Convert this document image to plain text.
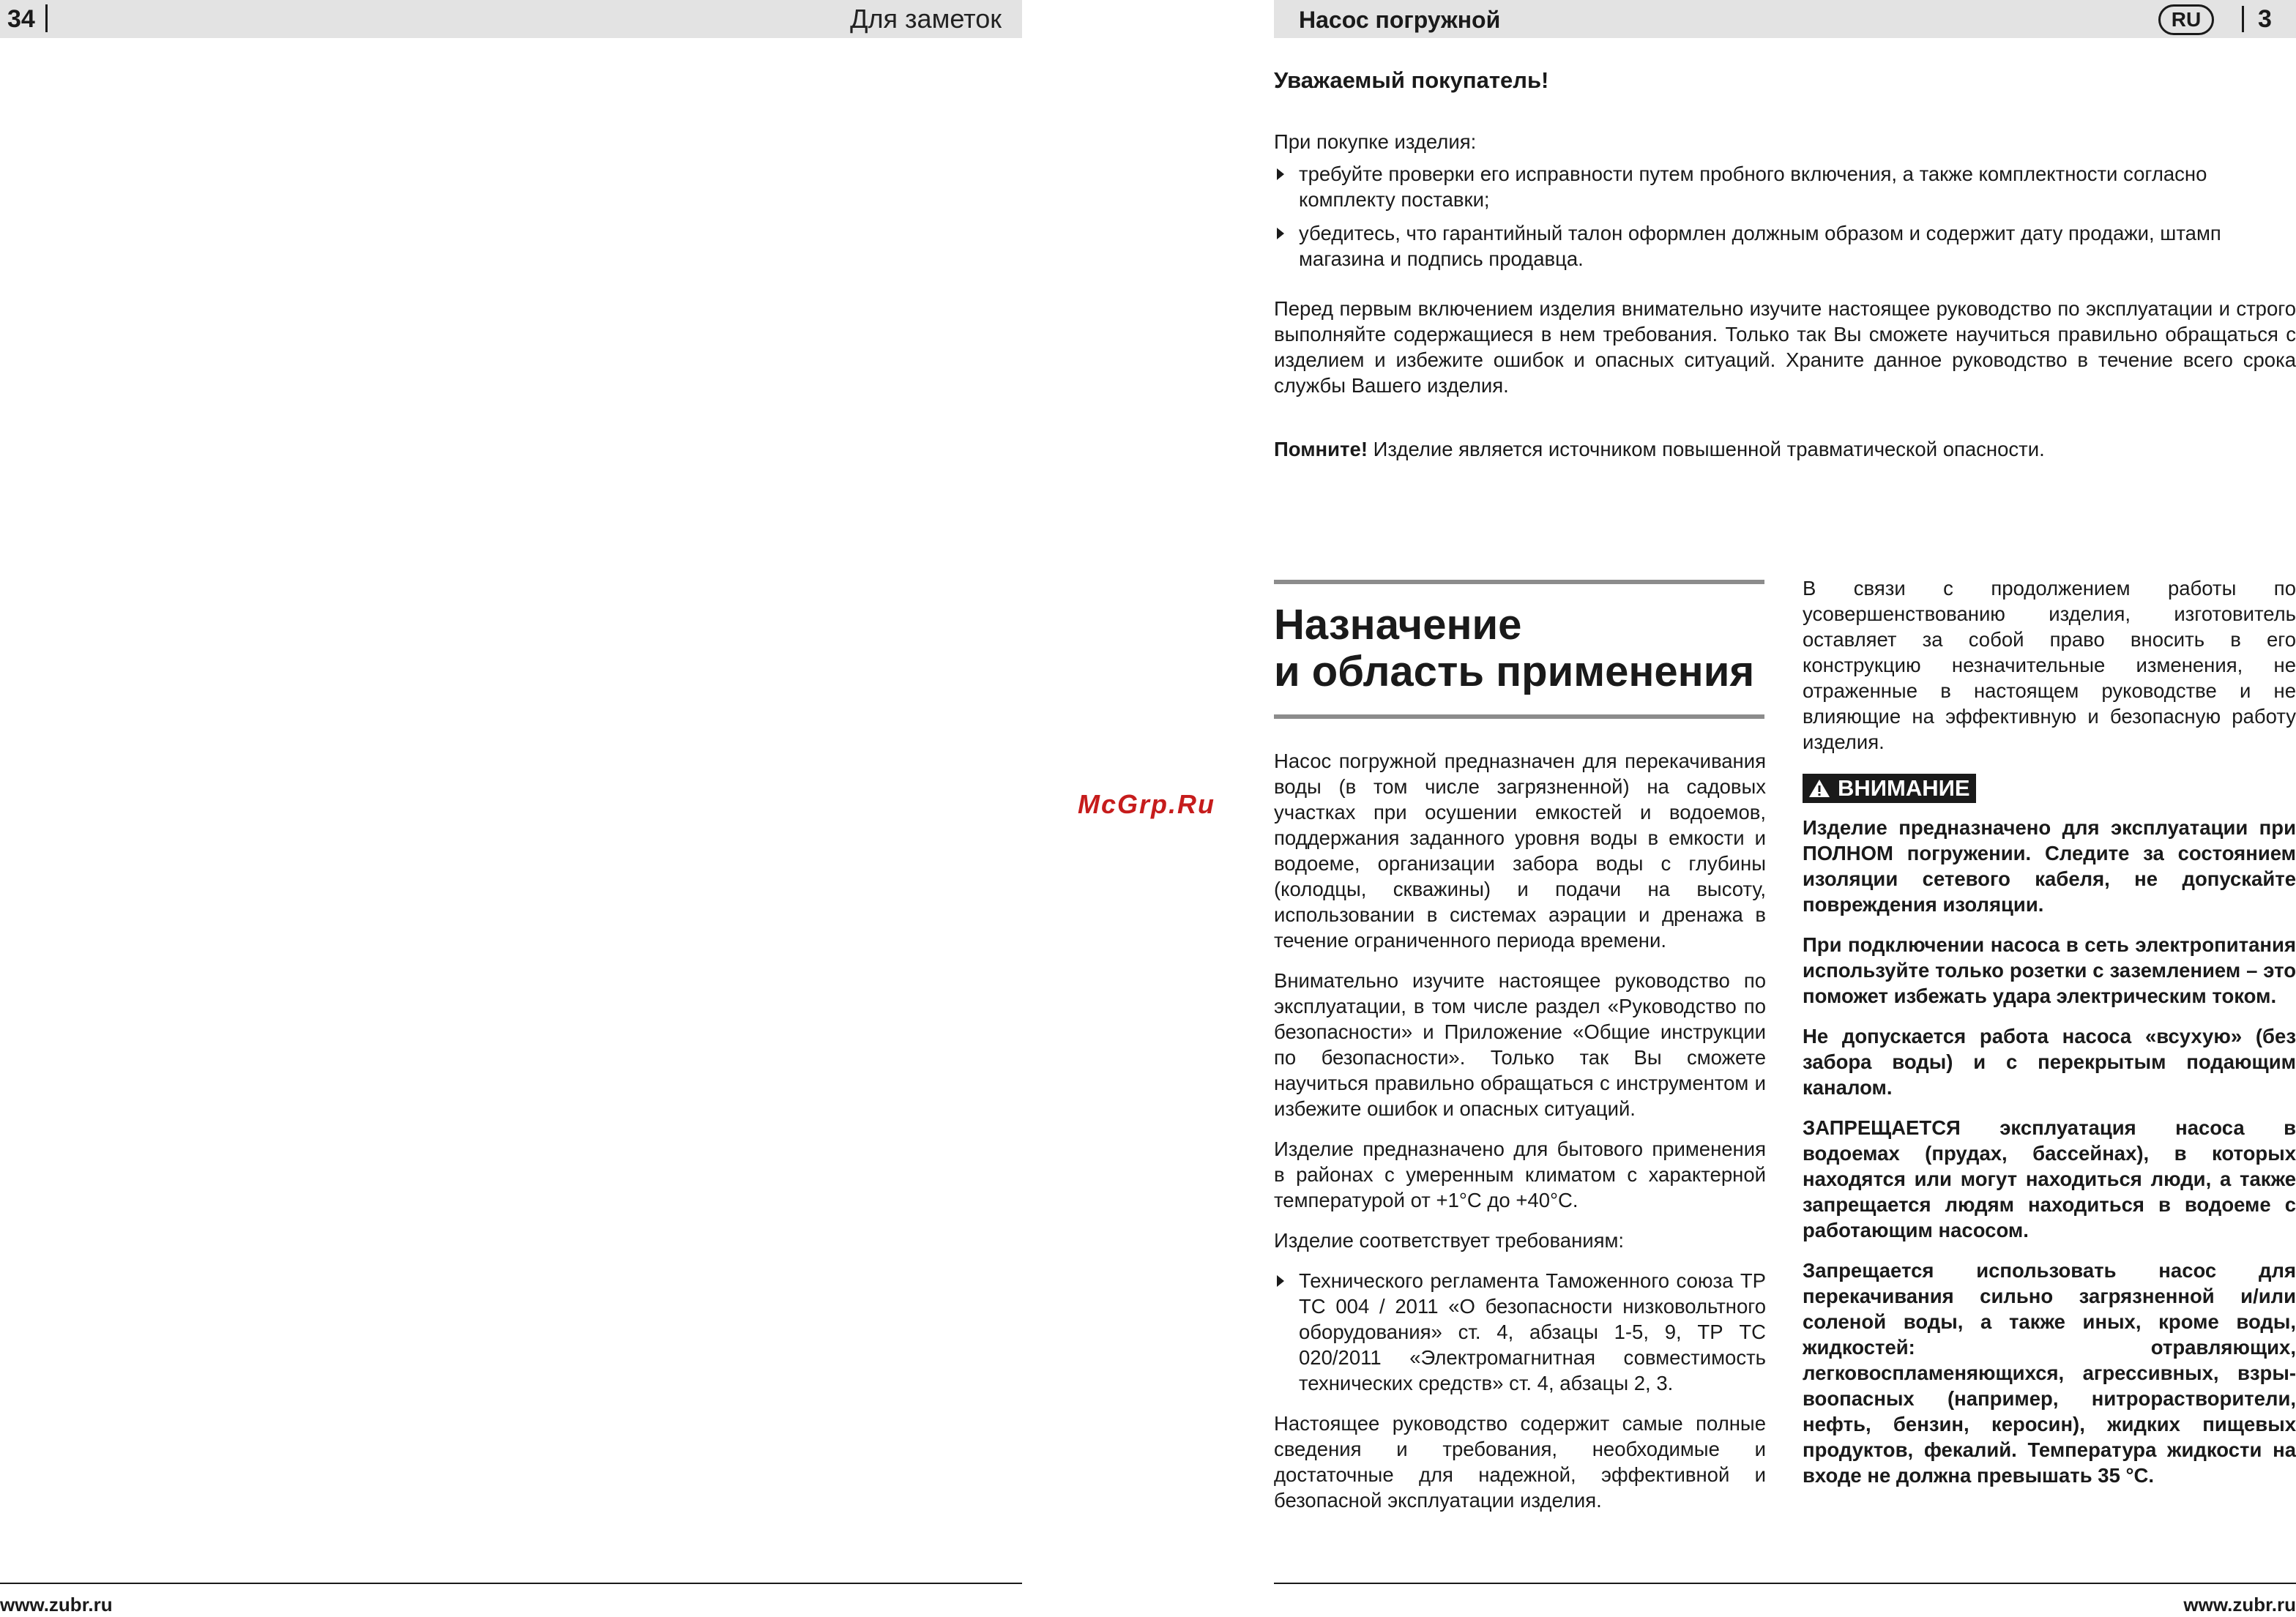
34	Для заметок
www.zubr.ru
McGrp.Ru
Насос погружной	RU	3
Уважаемый покупатель!

При покупке изделия:

требуйте проверки его исправности путем пробного включения, а также комплектности согласно комплекту поставки;
убедитесь, что гарантийный талон оформлен должным образом и содержит дату продажи, штамп магазина и подпись продавца.

Перед первым включением изделия внимательно изучите настоящее руководство по эксплуатации и строго выполняйте содержащиеся в нем требования. Только так Вы сможете научиться правильно обращаться с изделием и избежите ошибок и опасных ситуаций. Храните данное руководство в течение всего срока службы Вашего изделия.

Помните! Изделие является источником повышенной травматической опасности.

Назначение
и область применения

Насос погружной предназначен для перекачивания воды (в том числе загрязненной) на садовых участках при осушении емкостей и водоемов, поддержания заданного уровня воды в емкости и водоеме, организации забора воды с глубины (колодцы, скважины) и подачи на высоту, использовании в системах аэрации и дренажа в течение ограниченного периода времени.

Внимательно изучите настоящее руководство по эксплуатации, в том числе раздел «Руководство по безопасности» и Приложение «Общие инструкции по безопасности». Только так Вы сможете научиться правильно обращаться с инструментом и избежите ошибок и опасных ситуаций.

Изделие предназначено для бытового применения в районах с умеренным климатом с характерной температурой от +1°С до +40°С.

Изделие соответствует требованиям:

Технического регламента Таможенного союза ТР ТС 004 / 2011 «О безопасности низковольтного оборудования» ст. 4, абзацы 1-5, 9, ТР ТС 020/2011 «Электромагнитная совместимость технических средств» ст. 4, абзацы 2, 3.

Настоящее руководство содержит самые полные сведения и требования, необходимые и достаточные для надежной, эффективной и безопасной эксплуатации изделия.

В связи с продолжением работы по усовершенствованию изделия, изготовитель оставляет за собой право вносить в его конструкцию незначительные изменения, не отраженные в настоящем руководстве и не влияющие на эффективную и безопасную работу изделия.

ВНИМАНИЕ

Изделие предназначено для эксплуатации при ПОЛНОМ погружении. Следите за состоянием изоляции сетевого кабеля, не допускайте повреждения изоляции.

При подключении насоса в сеть электропитания используйте только розетки с заземлением – это поможет избежать удара электрическим током.

Не допускается работа насоса «всухую» (без забора воды) и с перекрытым подающим каналом.

ЗАПРЕЩАЕТСЯ эксплуатация насоса в водоемах (прудах, бассейнах), в которых находятся или могут находиться люди, а также запрещается людям находиться в водоеме с работающим насосом.

Запрещается использовать насос для перекачивания сильно загрязненной и/или соленой воды, а также иных, кроме воды, жидкостей: отравляющих, легковоспламеняющихся, агрессивных, взры-воопасных (например, нитрорастворители, нефть, бензин, керосин), жидких пищевых продуктов, фекалий. Температура жидкости на входе не должна превышать 35 °С.

www.zubr.ru
